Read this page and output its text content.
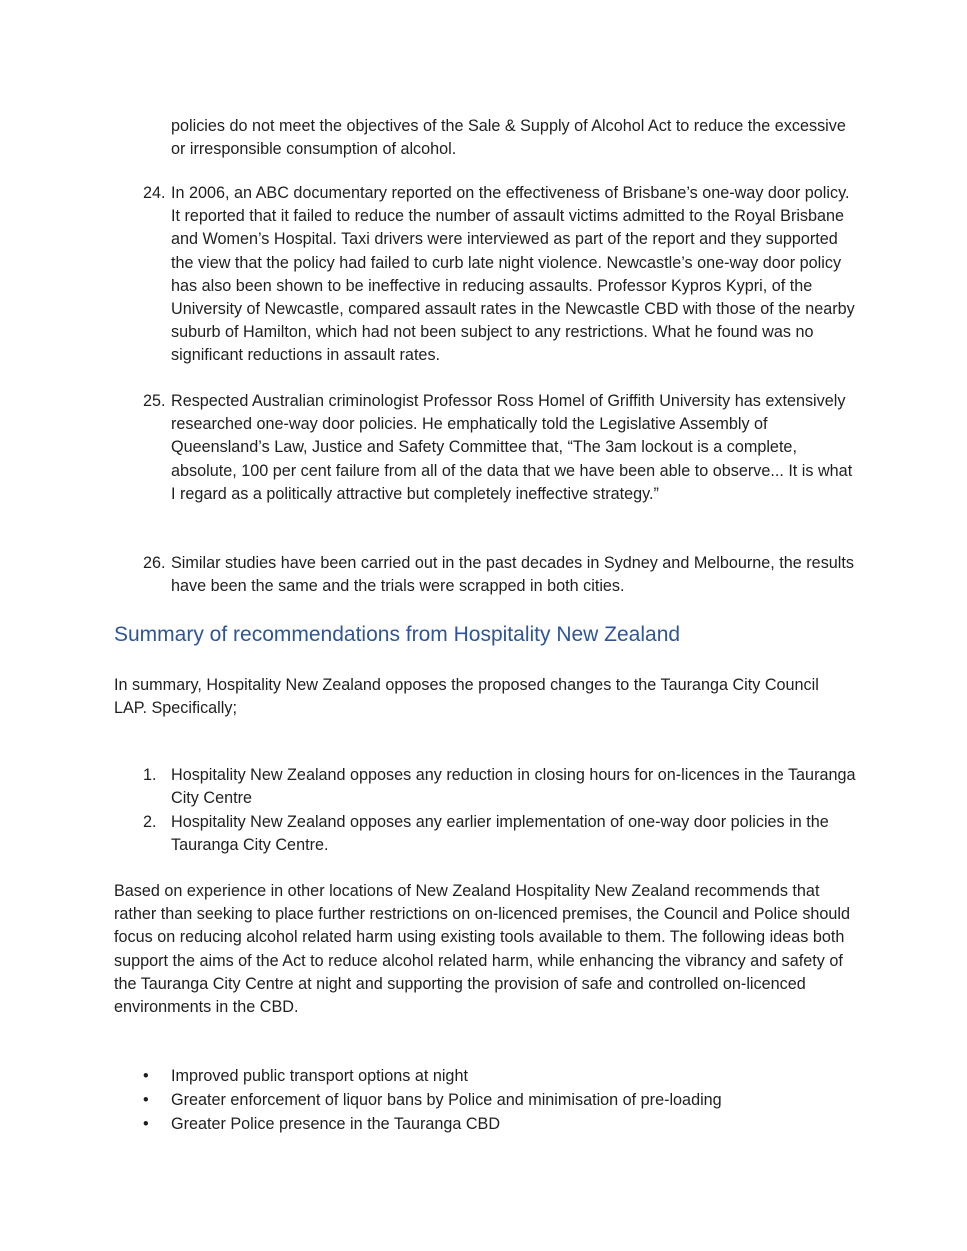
policies do not meet the objectives of the Sale & Supply of Alcohol Act to reduce the excessive or irresponsible consumption of alcohol.
24. In 2006, an ABC documentary reported on the effectiveness of Brisbane’s one-way door policy. It reported that it failed to reduce the number of assault victims admitted to the Royal Brisbane and Women’s Hospital. Taxi drivers were interviewed as part of the report and they supported the view that the policy had failed to curb late night violence. Newcastle’s one-way door policy has also been shown to be ineffective in reducing assaults. Professor Kypros Kypri, of the University of Newcastle, compared assault rates in the Newcastle CBD with those of the nearby suburb of Hamilton, which had not been subject to any restrictions. What he found was no significant reductions in assault rates.
25. Respected Australian criminologist Professor Ross Homel of Griffith University has extensively researched one-way door policies. He emphatically told the Legislative Assembly of Queensland’s Law, Justice and Safety Committee that, “The 3am lockout is a complete, absolute, 100 per cent failure from all of the data that we have been able to observe... It is what I regard as a politically attractive but completely ineffective strategy.”
26. Similar studies have been carried out in the past decades in Sydney and Melbourne, the results have been the same and the trials were scrapped in both cities.
Summary of recommendations from Hospitality New Zealand
In summary, Hospitality New Zealand opposes the proposed changes to the Tauranga City Council LAP. Specifically;
1. Hospitality New Zealand opposes any reduction in closing hours for on-licences in the Tauranga City Centre
2. Hospitality New Zealand opposes any earlier implementation of one-way door policies in the Tauranga City Centre.
Based on experience in other locations of New Zealand Hospitality New Zealand recommends that rather than seeking to place further restrictions on on-licenced premises, the Council and Police should focus on reducing alcohol related harm using existing tools available to them. The following ideas both support the aims of the Act to reduce alcohol related harm, while enhancing the vibrancy and safety of the Tauranga City Centre at night and supporting the provision of safe and controlled on-licenced environments in the CBD.
• Improved public transport options at night
• Greater enforcement of liquor bans by Police and minimisation of pre-loading
• Greater Police presence in the Tauranga CBD
